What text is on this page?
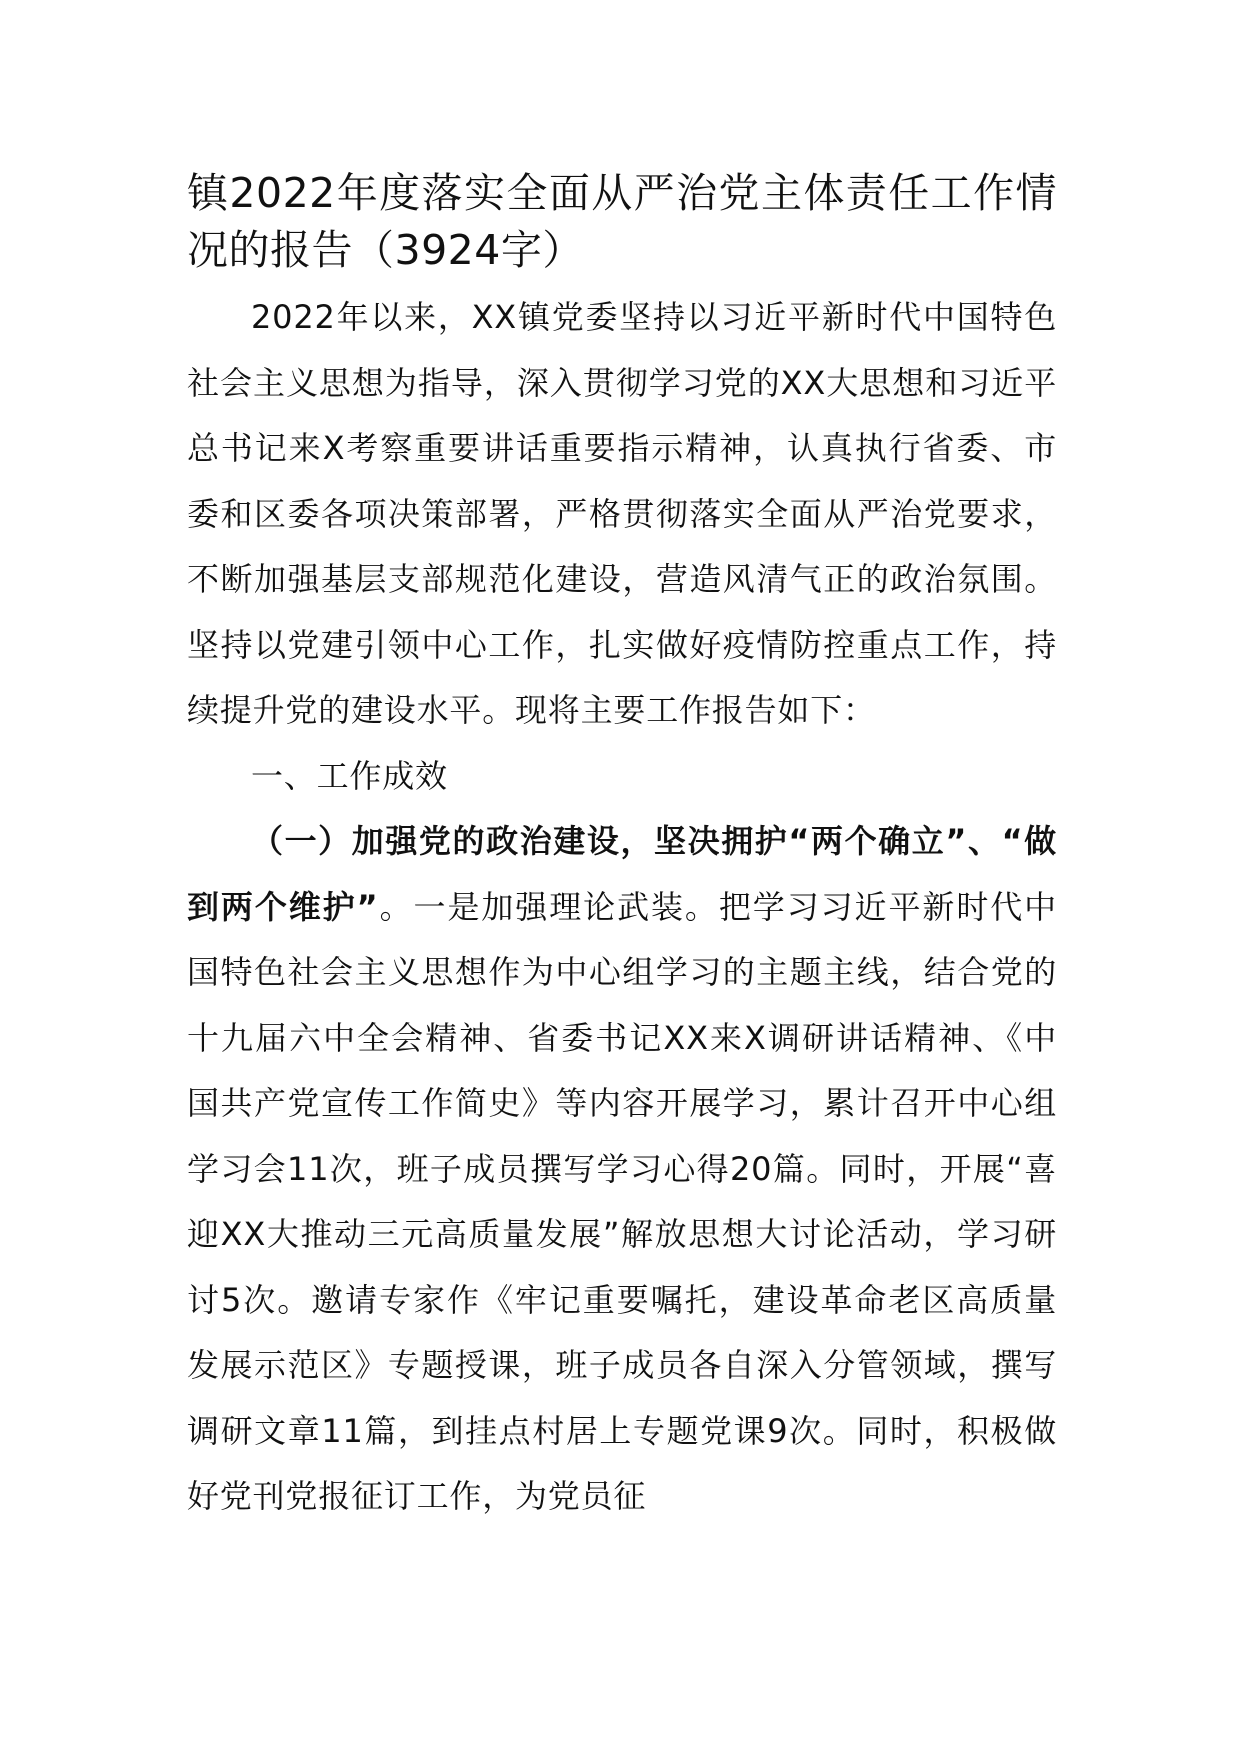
镇2022年度落实全面从严治党主体责任工作情况的报告（3924字）

2022年以来，XX镇党委坚持以习近平新时代中国特色社会主义思想为指导，深入贯彻学习党的XX大思想和习近平总书记来X考察重要讲话重要指示精神，认真执行省委、市委和区委各项决策部署，严格贯彻落实全面从严治党要求，不断加强基层支部规范化建设，营造风清气正的政治氛围。坚持以党建引领中心工作，扎实做好疫情防控重点工作，持续提升党的建设水平。现将主要工作报告如下：

一、工作成效

（一）加强党的政治建设，坚决拥护“两个确立”、“做到两个维护”。一是加强理论武装。把学习习近平新时代中国特色社会主义思想作为中心组学习的主题主线，结合党的十九届六中全会精神、省委书记XX来X调研讲话精神、《中国共产党宣传工作简史》等内容开展学习，累计召开中心组学习会11次，班子成员撰写学习心得20篇。同时，开展“喜迎XX大推动三元高质量发展”解放思想大讨论活动，学习研讨5次。邀请专家作《牢记重要嘱托，建设革命老区高质量发展示范区》专题授课，班子成员各自深入分管领域，撰写调研文章11篇，到挂点村居上专题党课9次。同时，积极做好党刊党报征订工作，为党员征
